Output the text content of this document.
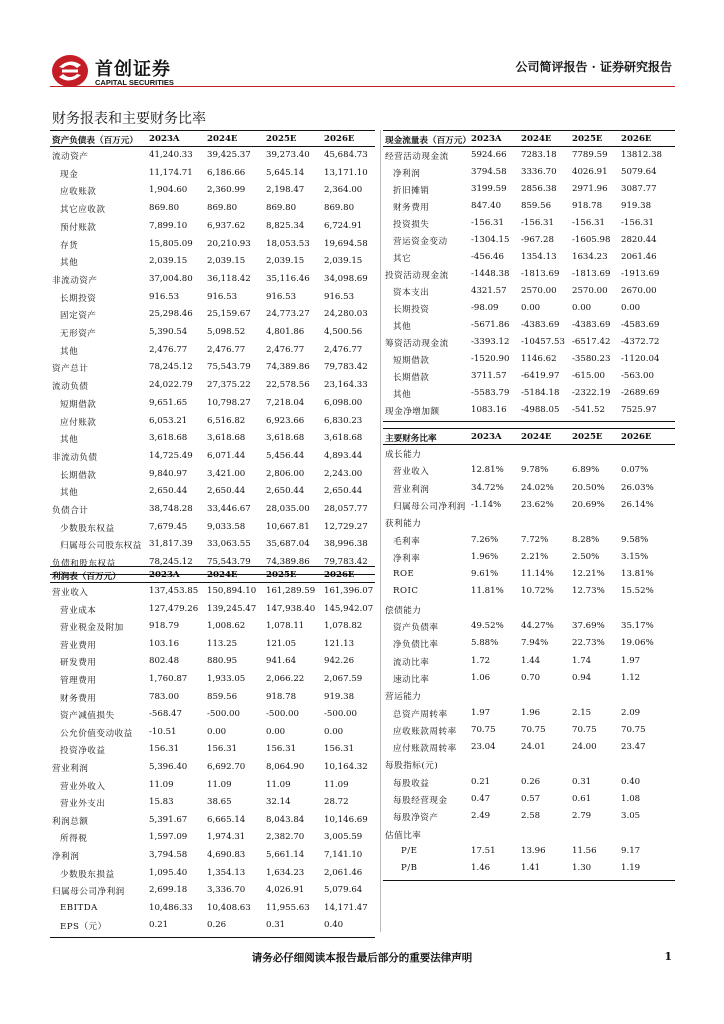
首创证券
CAPITAL SECURITIES
公司简评报告 · 证券研究报告
财务报表和主要财务比率
资产负债表（百万元） 2023A	2024E	2025E	2026E
流动资产	41,240.33 39,425.37 39,273.40 45,684.73
现金	11,174.71 6,186.66 5,645.14 13,171.10
应收账款	1,904.60 2,360.99 2,198.47 2,364.00
其它应收款	869.80	869.80	869.80	869.80
预付账款	7,899.10 6,937.62 8,825.34 6,724.91
存货	15,805.09 20,210.93 18,053.53 19,694.58
其他	2,039.15 2,039.15 2,039.15 2,039.15
非流动资产	37,004.80 36,118.42 35,116.46 34,098.69
长期投资	916.53	916.53	916.53	916.53
固定资产	25,298.46 25,159.67 24,773.27 24,280.03
无形资产	5,390.54 5,098.52 4,801.86 4,500.56
其他	2,476.77 2,476.77 2,476.77 2,476.77
资产总计	78,245.12 75,543.79 74,389.86 79,783.42
流动负债	24,022.79 27,375.22 22,578.56 23,164.33
短期借款	9,651.65 10,798.27 7,218.04 6,098.00
应付账款	6,053.21 6,516.82 6,923.66 6,830.23
其他	3,618.68 3,618.68 3,618.68 3,618.68
非流动负债	14,725.49 6,071.44 5,456.44 4,893.44
长期借款	9,840.97 3,421.00 2,806.00 2,243.00
其他	2,650.44 2,650.44 2,650.44 2,650.44
负债合计	38,748.28 33,446.67 28,035.00 28,057.77
少数股东权益	7,679.45 9,033.58 10,667.81 12,729.27
归属母公司股东权益 31,817.39 33,063.55 35,687.04 38,996.38
负债和股东权益	78,245.12 75,543.79 74,389.86 79,783.42
利润表（百万元）	2023A	2024E	2025E	2026E
营业收入	137,453.85 150,894.10 161,289.59 161,396.07
营业成本	127,479.26 139,245.47 147,938.40 145,942.07
营业税金及附加	918.79	1,008.62 1,078.11 1,078.82
营业费用	103.16	113.25	121.05	121.13
研发费用	802.48	880.95	941.64	942.26
管理费用	1,760.87 1,933.05 2,066.22 2,067.59
财务费用	783.00	859.56	918.78	919.38
资产减值损失	-568.47	-500.00	-500.00	-500.00
公允价值变动收益 -10.51	0.00	0.00	0.00
投资净收益	156.31	156.31	156.31	156.31
营业利润	5,396.40 6,692.70 8,064.90 10,164.32
营业外收入	11.09	11.09	11.09	11.09
营业外支出	15.83	38.65	32.14	28.72
利润总额	5,391.67 6,665.14 8,043.84 10,146.69
所得税	1,597.09 1,974.31 2,382.70 3,005.59
净利润	3,794.58 4,690.83 5,661.14 7,141.10
少数股东损益	1,095.40 1,354.13 1,634.23 2,061.46
归属母公司净利润	2,699.18 3,336.70 4,026.91 5,079.64
EBITDA	10,486.33 10,408.63 11,955.63 14,171.47
EPS（元）	0.21	0.26	0.31	0.40
现金流量表（百万元） 2023A 2024E 2025E 2026E
经营活动现金流	5924.66 7283.18 7789.59 13812.38
净利润	3794.58 3336.70 4026.91 5079.64
折旧摊销	3199.59 2856.38 2971.96 3087.77
财务费用	847.40 859.56 918.78 919.38
投资损失	-156.31 -156.31 -156.31 -156.31
营运资金变动	-1304.15 -967.28 -1605.98 2820.44
其它	-456.46 1354.13 1634.23 2061.46
投资活动现金流	-1448.38 -1813.69 -1813.69 -1913.69
资本支出	4321.57 2570.00 2570.00 2670.00
长期投资	-98.09	0.00	0.00	0.00
其他	-5671.86 -4383.69 -4383.69 -4583.69
筹资活动现金流	-3393.12 -10457.53 -6517.42 -4372.72
短期借款	-1520.90 1146.62 -3580.23 -1120.04
长期借款	3711.57 -6419.97 -615.00 -563.00
其他	-5583.79 -5184.18 -2322.19 -2689.69
现金净增加额	1083.16 -4988.05 -541.52 7525.97
主要财务比率	2023A 2024E 2025E 2026E
成长能力
营业收入	12.81% 9.78%	6.89%	0.07%
营业利润	34.72% 24.02% 20.50% 26.03%
归属母公司净利润 -1.14% 23.62% 20.69% 26.14%
获利能力
毛利率	7.26%	7.72%	8.28%	9.58%
净利率	1.96%	2.21%	2.50%	3.15%
ROE	9.61%	11.14% 12.21% 13.81%
ROIC	11.81% 10.72% 12.73% 15.52%
偿债能力
资产负债率	49.52% 44.27% 37.69% 35.17%
净负债比率	5.88%	7.94%	22.73% 19.06%
流动比率	1.72	1.44	1.74	1.97
速动比率	1.06	0.70	0.94	1.12
营运能力
总资产周转率	1.97	1.96	2.15	2.09
应收账款周转率 70.75	70.75	70.75	70.75
应付账款周转率 23.04	24.01	24.00	23.47
每股指标(元)
每股收益	0.21	0.26	0.31	0.40
每股经营现金	0.47	0.57	0.61	1.08
每股净资产	2.49	2.58	2.79	3.05
估值比率
P/E	17.51	13.96	11.56	9.17
P/B	1.46	1.41	1.30	1.19
请务必仔细阅读本报告最后部分的重要法律声明	1
